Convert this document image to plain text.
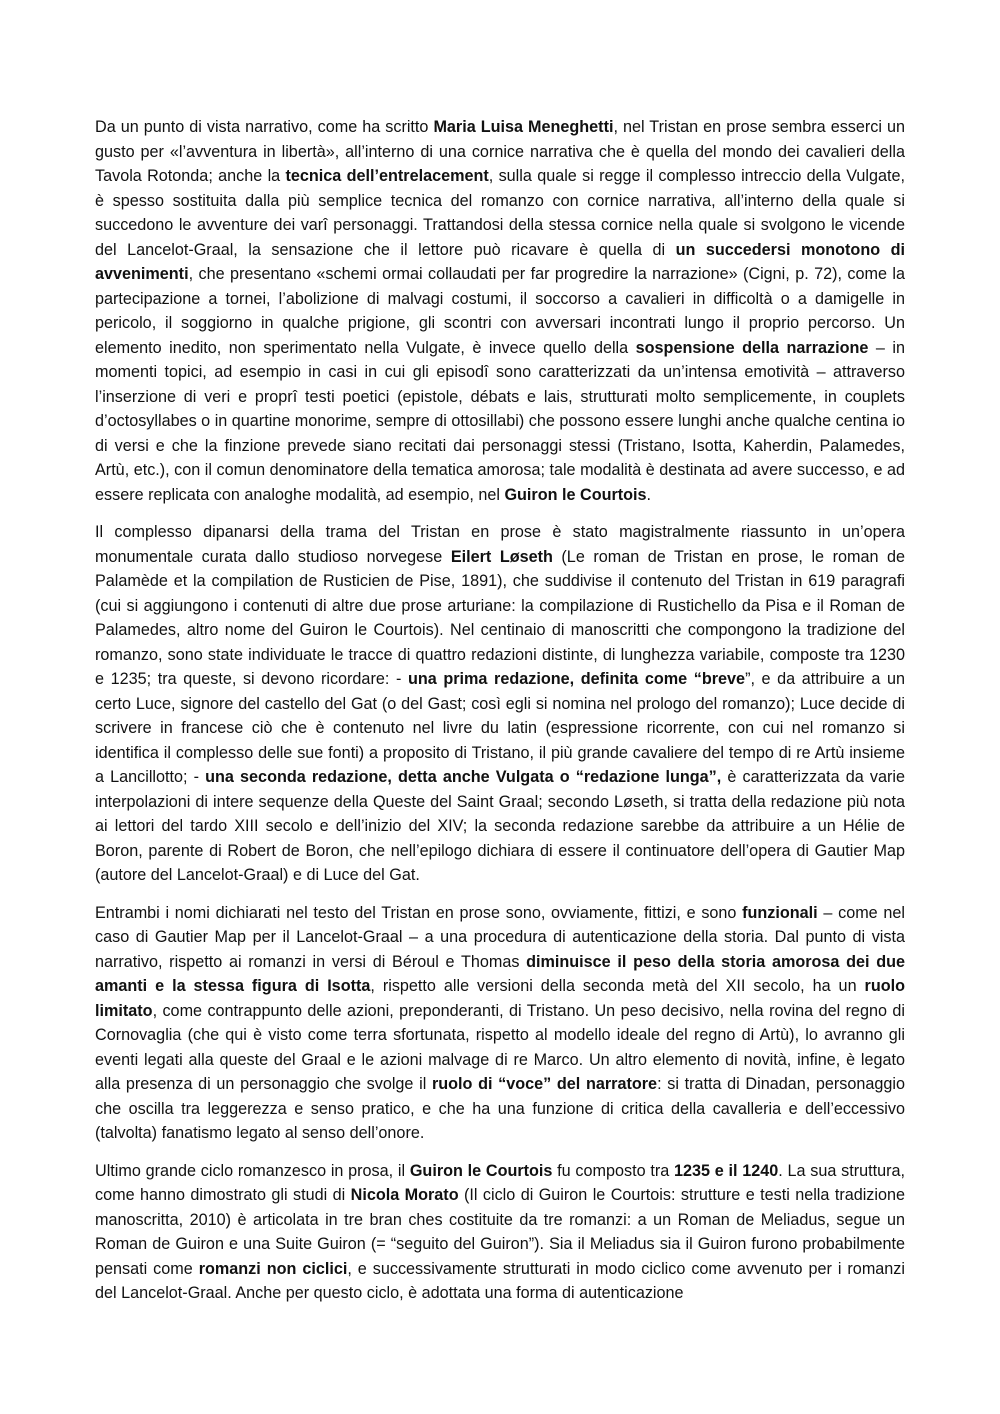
Da un punto di vista narrativo, come ha scritto Maria Luisa Meneghetti, nel Tristan en prose sembra esserci un gusto per «l’avventura in libertà», all’interno di una cornice narrativa che è quella del mondo dei cavalieri della Tavola Rotonda; anche la tecnica dell’entrelacement, sulla quale si regge il complesso intreccio della Vulgate, è spesso sostituita dalla più semplice tecnica del romanzo con cornice narrativa, all’interno della quale si succedono le avventure dei varî personaggi. Trattandosi della stessa cornice nella quale si svolgono le vicende del Lancelot-Graal, la sensazione che il lettore può ricavare è quella di un succedersi monotono di avvenimenti, che presentano «schemi ormai collaudati per far progredire la narrazione» (Cigni, p. 72), come la partecipazione a tornei, l’abolizione di malvagi costumi, il soccorso a cavalieri in difficoltà o a damigelle in pericolo, il soggiorno in qualche prigione, gli scontri con avversari incontrati lungo il proprio percorso. Un elemento inedito, non sperimentato nella Vulgate, è invece quello della sospensione della narrazione – in momenti topici, ad esempio in casi in cui gli episodî sono caratterizzati da un’intensa emotività – attraverso l’inserzione di veri e proprî testi poetici (epistole, débats e lais, strutturati molto semplicemente, in couplets d’octosyllabes o in quartine monorime, sempre di ottosillabi) che possono essere lunghi anche qualche centina io di versi e che la finzione prevede siano recitati dai personaggi stessi (Tristano, Isotta, Kaherdin, Palamedes, Artù, etc.), con il comun denominatore della tematica amorosa; tale modalità è destinata ad avere successo, e ad essere replicata con analoghe modalità, ad esempio, nel Guiron le Courtois.

Il complesso dipanarsi della trama del Tristan en prose è stato magistralmente riassunto in un’opera monumentale curata dallo studioso norvegese Eilert Løseth (Le roman de Tristan en prose, le roman de Palamède et la compilation de Rusticien de Pise, 1891), che suddivise il contenuto del Tristan in 619 paragrafi (cui si aggiungono i contenuti di altre due prose arturiane: la compilazione di Rustichello da Pisa e il Roman de Palamedes, altro nome del Guiron le Courtois). Nel centinaio di manoscritti che compongono la tradizione del romanzo, sono state individuate le tracce di quattro redazioni distinte, di lunghezza variabile, composte tra 1230 e 1235; tra queste, si devono ricordare: - una prima redazione, definita come “breve”, e da attribuire a un certo Luce, signore del castello del Gat (o del Gast; così egli si nomina nel prologo del romanzo); Luce decide di scrivere in francese ciò che è contenuto nel livre du latin (espressione ricorrente, con cui nel romanzo si identifica il complesso delle sue fonti) a proposito di Tristano, il più grande cavaliere del tempo di re Artù insieme a Lancillotto; - una seconda redazione, detta anche Vulgata o “redazione lunga”, è caratterizzata da varie interpolazioni di intere sequenze della Queste del Saint Graal; secondo Løseth, si tratta della redazione più nota ai lettori del tardo XIII secolo e dell’inizio del XIV; la seconda redazione sarebbe da attribuire a un Hélie de Boron, parente di Robert de Boron, che nell’epilogo dichiara di essere il continuatore dell’opera di Gautier Map (autore del Lancelot-Graal) e di Luce del Gat.

Entrambi i nomi dichiarati nel testo del Tristan en prose sono, ovviamente, fittizi, e sono funzionali – come nel caso di Gautier Map per il Lancelot-Graal – a una procedura di autenticazione della storia. Dal punto di vista narrativo, rispetto ai romanzi in versi di Béroul e Thomas diminuisce il peso della storia amorosa dei due amanti e la stessa figura di Isotta, rispetto alle versioni della seconda metà del XII secolo, ha un ruolo limitato, come contrappunto delle azioni, preponderanti, di Tristano. Un peso decisivo, nella rovina del regno di Cornovaglia (che qui è visto come terra sfortunata, rispetto al modello ideale del regno di Artù), lo avranno gli eventi legati alla queste del Graal e le azioni malvage di re Marco. Un altro elemento di novità, infine, è legato alla presenza di un personaggio che svolge il ruolo di “voce” del narratore: si tratta di Dinadan, personaggio che oscilla tra leggerezza e senso pratico, e che ha una funzione di critica della cavalleria e dell’eccessivo (talvolta) fanatismo legato al senso dell’onore.

Ultimo grande ciclo romanzesco in prosa, il Guiron le Courtois fu composto tra 1235 e il 1240. La sua struttura, come hanno dimostrato gli studi di Nicola Morato (Il ciclo di Guiron le Courtois: strutture e testi nella tradizione manoscritta, 2010) è articolata in tre bran ches costituite da tre romanzi: a un Roman de Meliadus, segue un Roman de Guiron e una Suite Guiron (= “seguito del Guiron”). Sia il Meliadus sia il Guiron furono probabilmente pensati come romanzi non ciclici, e successivamente strutturati in modo ciclico come avvenuto per i romanzi del Lancelot-Graal. Anche per questo ciclo, è adottata una forma di autenticazione
